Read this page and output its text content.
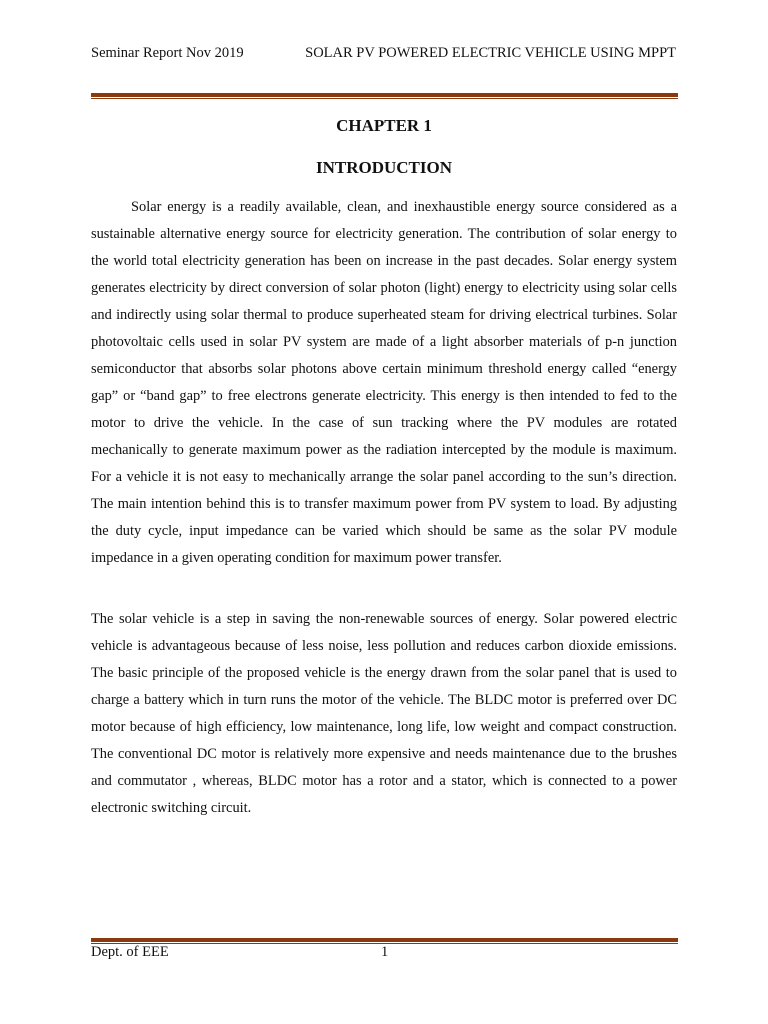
Seminar Report Nov 2019	SOLAR PV POWERED ELECTRIC VEHICLE USING MPPT
CHAPTER 1
INTRODUCTION

Solar energy is a readily available, clean, and inexhaustible energy source considered as a sustainable alternative energy source for electricity generation. The contribution of solar energy to the world total electricity generation has been on increase in the past decades. Solar energy system generates electricity by direct conversion of solar photon (light) energy to electricity using solar cells and indirectly using solar thermal to produce superheated steam for driving electrical turbines. Solar photovoltaic cells used in solar PV system are made of a light absorber materials of p-n junction semiconductor that absorbs solar photons above certain minimum threshold energy called “energy gap” or “band gap” to free electrons generate electricity. This energy is then intended to fed to the motor to drive the vehicle. In the case of sun tracking where the PV modules are rotated mechanically to generate maximum power as the radiation intercepted by the module is maximum. For a vehicle it is not easy to mechanically arrange the solar panel according to the sun’s direction. The main intention behind this is to transfer maximum power from PV system to load. By adjusting the duty cycle, input impedance can be varied which should be same as the solar PV module impedance in a given operating condition for maximum power transfer.

The solar vehicle is a step in saving the non-renewable sources of energy. Solar powered electric vehicle is advantageous because of less noise, less pollution and reduces carbon dioxide emissions. The basic principle of the proposed vehicle is the energy drawn from the solar panel that is used to charge a battery which in turn runs the motor of the vehicle. The BLDC motor is preferred over DC motor because of high efficiency, low maintenance, long life, low weight and compact construction. The conventional DC motor is relatively more expensive and needs maintenance due to the brushes and commutator , whereas, BLDC motor has a rotor and a stator, which is connected to a power electronic switching circuit.

Dept. of EEE	1
